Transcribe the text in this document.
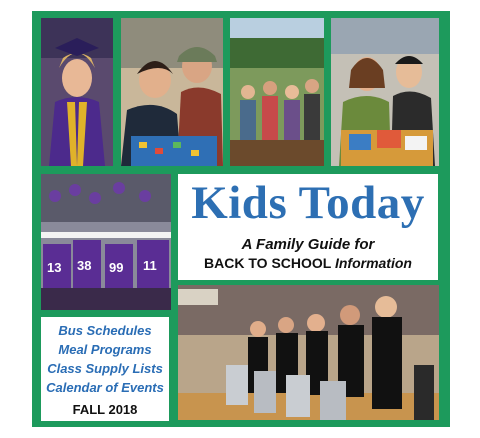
13 38 99 11
Kids Today
A Family Guide for
BACK TO SCHOOL Information
Bus Schedules
Meal Programs
Class Supply Lists
Calendar of Events
FALL 2018
